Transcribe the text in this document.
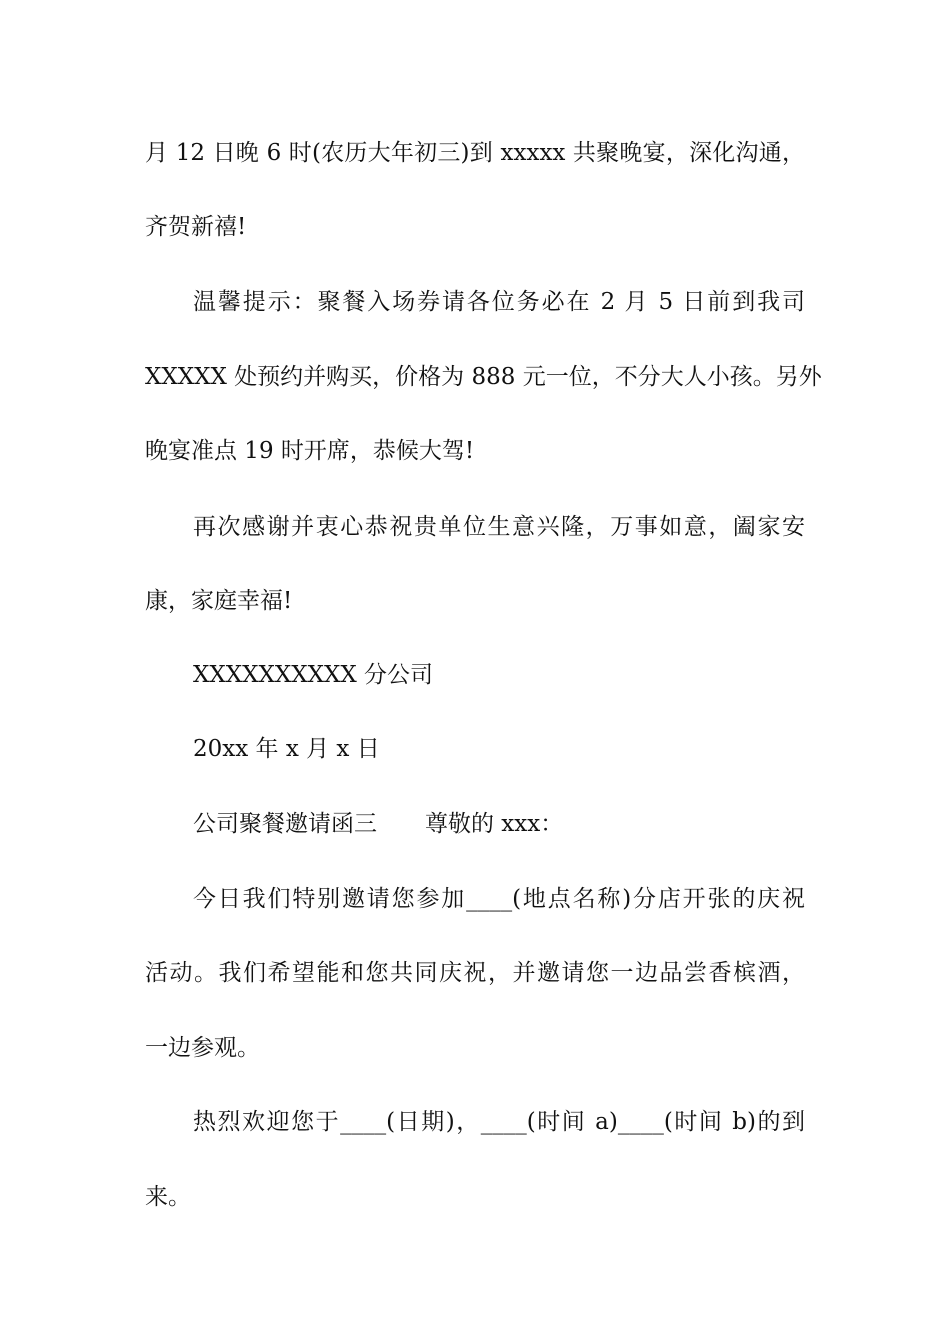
月 12 日晚 6 时(农历大年初三)到 xxxxx 共聚晚宴，深化沟通，
齐贺新禧!
温馨提示：聚餐入场券请各位务必在 2 月 5 日前到我司
XXXXX 处预约并购买，价格为 888 元一位，不分大人小孩。另外
晚宴准点 19 时开席，恭候大驾!
再次感谢并衷心恭祝贵单位生意兴隆，万事如意，阖家安
康，家庭幸福!
XXXXXXXXXX 分公司
20xx 年 x 月 x 日
公司聚餐邀请函三 尊敬的 xxx：
今日我们特别邀请您参加____(地点名称)分店开张的庆祝
活动。我们希望能和您共同庆祝，并邀请您一边品尝香槟酒，
一边参观。
热烈欢迎您于____(日期)，____(时间 a)____(时间 b)的到
来。
